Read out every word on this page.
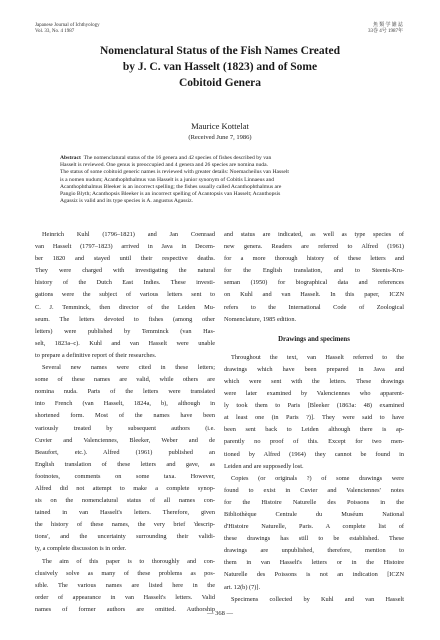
Japanese Journal of Ichthyology
Vol. 33, No. 4 1987
魚 類 学 雑 誌
33巻 4号 1987年
Nomenclatural Status of the Fish Names Created
by J. C. van Hasselt (1823) and of Some
Cobitoid Genera
Maurice Kottelat
(Received June 7, 1986)
Abstract The nomenclatural status of the 16 genera and 42 species of fishes described by van
Hasselt is reviewed. One genus is preoccupied and 4 genera and 26 species are nomina nuda.
The status of some cobitoid generic names is reviewed with greater details: Noemacheilus van Hasselt
is a nomen nudum; Acanthophthalmus van Hasselt is a junior synonym of Cobitis Linnaeus and
Acanthophthalmus Bleeker is an incorrect spelling; the fishes usually called Acanthophthalmus are
Pangio Blyth; Acanthopsis Bleeker is an incorrect spelling of Acantopsis van Hasselt; Acanthopsis
Agassiz is valid and its type species is A. angustus Agassiz.
Heinrich Kuhl (1796–1821) and Jan Coenraad
van Hasselt (1797–1823) arrived in Java in Decem-
ber 1820 and stayed until their respective deaths.
They were charged with investigating the natural
history of the Dutch East Indies. These investi-
gations were the subject of various letters sent to
C. J. Temminck, then director of the Leiden Mu-
seum. The letters devoted to fishes (among other
letters) were published by Temminck (van Has-
selt, 1823a–c). Kuhl and van Hasselt were unable
to prepare a definitive report of their researches.
Several new names were cited in these letters;
some of these names are valid, while others are
nomina nuda. Parts of the letters were translated
into French (van Hasselt, 1824a, b), although in
shortened form. Most of the names have been
variously treated by subsequent authors (i.e.
Cuvier and Valenciennes, Bleeker, Weber and de
Beaufort, etc.). Alfred (1961) published an
English translation of these letters and gave, as
footnotes, comments on some taxa. However,
Alfred did not attempt to make a complete synop-
sis on the nomenclatural status of all names con-
tained in van Hasselt's letters. Therefore, given
the history of these names, the very brief 'descrip-
tions', and the uncertainty surrounding their validi-
ty, a complete discussion is in order.
The aim of this paper is to thoroughly and con-
clusively solve as many of these problems as pos-
sible. The various names are listed here in the
order of appearance in van Hasselt's letters. Valid
names of former authors are omitted. Authorship
and status are indicated, as well as type species of
new genera. Readers are referred to Alfred (1961)
for a more thorough history of these letters and
for the English translation, and to Steenis-Kru-
seman (1950) for biographical data and references
on Kuhl and van Hasselt. In this paper, ICZN
refers to the International Code of Zoological
Nomenclature, 1985 edition.
Drawings and specimens
Throughout the text, van Hasselt referred to the
drawings which have been prepared in Java and
which were sent with the letters. These drawings
were later examined by Valenciennes who apparent-
ly took them to Paris [Bleeker (1863a: 48) examined
at least one (in Paris ?)]. They were said to have
been sent back to Leiden although there is ap-
parently no proof of this. Except for two men-
tioned by Alfred (1964) they cannot be found in
Leiden and are supposedly lost.
Copies (or originals ?) of some drawings were
found to exist in Cuvier and Valenciennes' notes
for the Histoire Naturelle des Poissons in the
Bibliothèque Centrale du Muséum National
d'Histoire Naturelle, Paris. A complete list of
these drawings has still to be established. These
drawings are unpublished, therefore, mention to
them in van Hasselt's letters or in the Histoire
Naturelle des Poissons is not an indication [ICZN
art. 12(b) (7)].
Specimens collected by Kuhl and van Hasselt
— 368 —
